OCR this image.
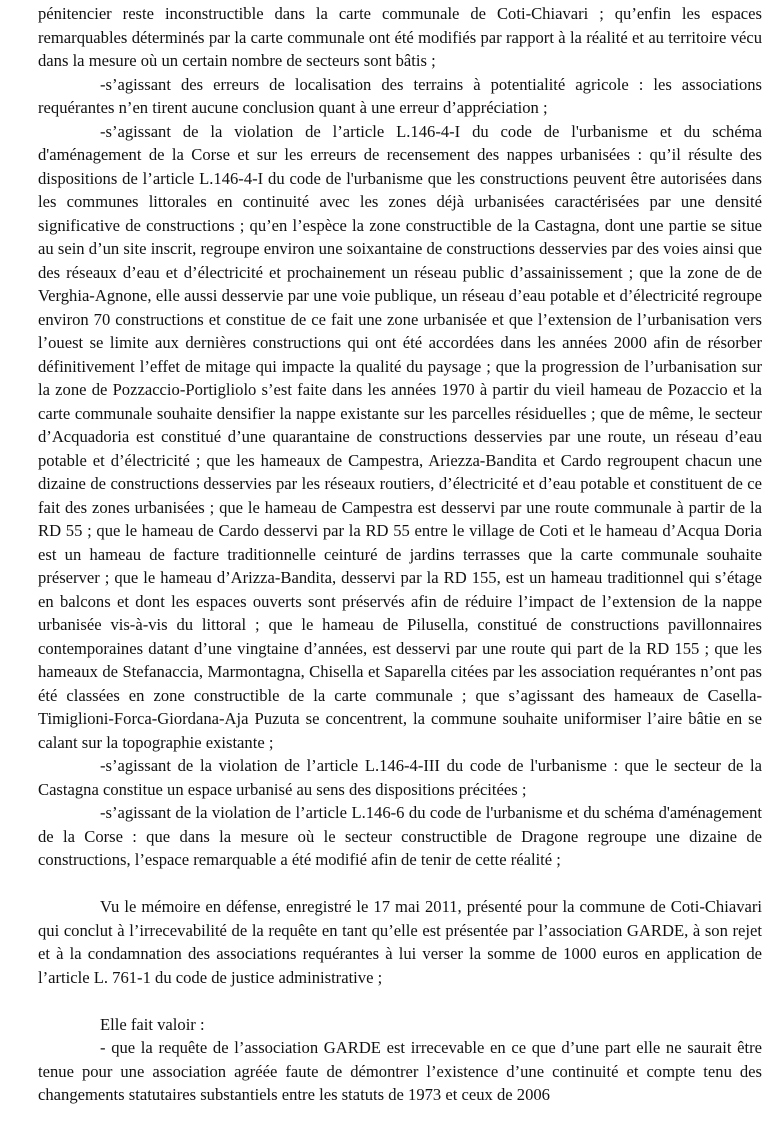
pénitencier reste inconstructible dans la carte communale de Coti-Chiavari ; qu’enfin les espaces remarquables déterminés par la carte communale ont été modifiés par rapport à la réalité et au territoire vécu dans la mesure où un certain nombre de secteurs sont bâtis ;

-s’agissant des erreurs de localisation des terrains à potentialité agricole : les associations requérantes n’en tirent aucune conclusion quant à une erreur d’appréciation ;

-s’agissant de la violation de l’article L.146-4-I du code de l'urbanisme et du schéma d'aménagement de la Corse et sur les erreurs de recensement des nappes urbanisées : qu’il résulte des dispositions de l’article L.146-4-I du code de l'urbanisme que les constructions peuvent être autorisées dans les communes littorales en continuité avec les zones déjà urbanisées caractérisées par une densité significative de constructions ; qu’en l’espèce la zone constructible de la Castagna, dont une partie se situe au sein d’un site inscrit, regroupe environ une soixantaine de constructions desservies par des voies ainsi que des réseaux d’eau et d’électricité et prochainement un réseau public d’assainissement ; que la zone de de Verghia-Agnone, elle aussi desservie par une voie publique, un réseau d’eau potable et d’électricité regroupe environ 70 constructions et constitue de ce fait une zone urbanisée et que l’extension de l’urbanisation vers l’ouest se limite aux dernières constructions qui ont été accordées dans les années 2000 afin de résorber définitivement l’effet de mitage qui impacte la qualité du paysage ; que la progression de l’urbanisation sur la zone de Pozzaccio-Portigliolo s’est faite dans les années 1970 à partir du vieil hameau de Pozaccio et la carte communale souhaite densifier la nappe existante sur les parcelles résiduelles ; que de même, le secteur d’Acquadoria est constitué d’une quarantaine de constructions desservies par une route, un réseau d’eau potable et d’électricité ; que les hameaux de Campestra, Ariezza-Bandita et Cardo regroupent chacun une dizaine de constructions desservies par les réseaux routiers, d’électricité et d’eau potable et constituent de ce fait des zones urbanisées ; que le hameau de Campestra est desservi par une route communale à partir de la RD 55 ; que le hameau de Cardo desservi par la RD 55 entre le village de Coti et le hameau d’Acqua Doria est un hameau de facture traditionnelle ceinturé de jardins terrasses que la carte communale souhaite préserver ; que le hameau d’Arizza-Bandita, desservi par la RD 155, est un hameau traditionnel qui s’étage en balcons et dont les espaces ouverts sont préservés afin de réduire l’impact de l’extension de la nappe urbanisée vis-à-vis du littoral ; que le hameau de Pilusella, constitué de constructions pavillonnaires contemporaines datant d’une vingtaine d’années, est desservi par une route qui part de la RD 155 ; que les hameaux de Stefanaccia, Marmontagna, Chisella et Saparella citées par les association requérantes n’ont pas été classées en zone constructible de la carte communale ; que s’agissant des hameaux de Casella-Timiglioni-Forca-Giordana-Aja Puzuta se concentrent, la commune souhaite uniformiser l’aire bâtie en se calant sur la topographie existante ;

-s’agissant de la violation de l’article L.146-4-III du code de l'urbanisme : que le secteur de la Castagna constitue un espace urbanisé au sens des dispositions précitées ;

-s’agissant de la violation de l’article L.146-6 du code de l'urbanisme et du schéma d'aménagement de la Corse : que dans la mesure où le secteur constructible de Dragone regroupe une dizaine de constructions, l’espace remarquable a été modifié afin de tenir de cette réalité ;

Vu le mémoire en défense, enregistré le 17 mai 2011, présenté pour la commune de Coti-Chiavari qui conclut à l’irrecevabilité de la requête en tant qu’elle est présentée par l’association GARDE, à son rejet et à la condamnation des associations requérantes à lui verser la somme de 1000 euros en application de l’article L. 761-1 du code de justice administrative ;

Elle fait valoir :

- que la requête de l’association GARDE est irrecevable en ce que d’une part elle ne saurait être tenue pour une association agréée faute de démontrer l’existence d’une continuité et compte tenu des changements statutaires substantiels entre les statuts de 1973 et ceux de 2006
